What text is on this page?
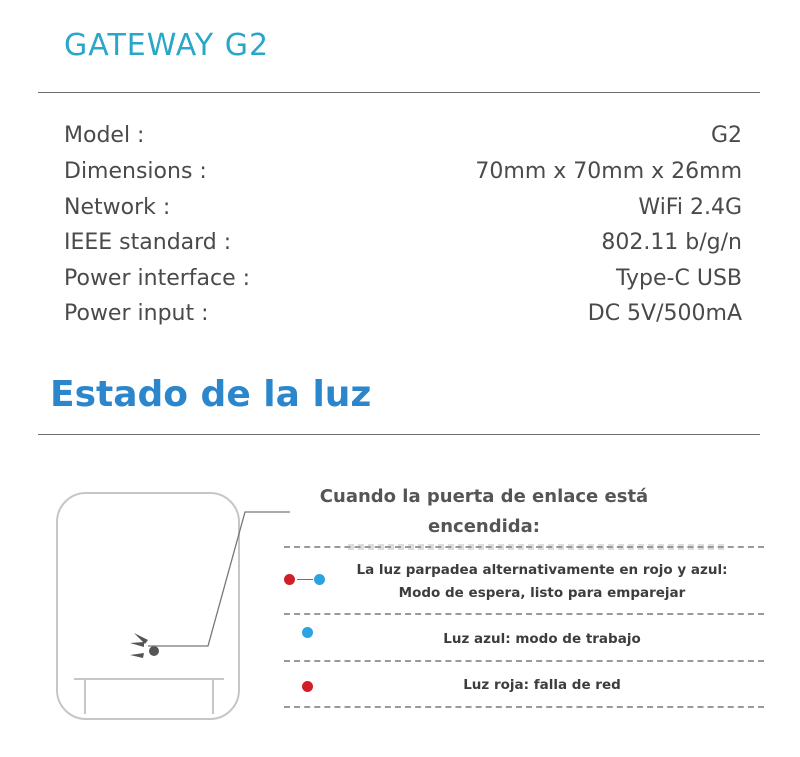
GATEWAY G2
Model :	G2
Dimensions :	70mm x 70mm x 26mm
Network :	WiFi 2.4G
IEEE standard :	802.11 b/g/n
Power interface :	Type-C USB
Power input :	DC 5V/500mA
Estado de la luz
Cuando la puerta de enlace está
encendida:
La luz parpadea alternativamente en rojo y azul:
Modo de espera, listo para emparejar
Luz azul: modo de trabajo
Luz roja: falla de red
